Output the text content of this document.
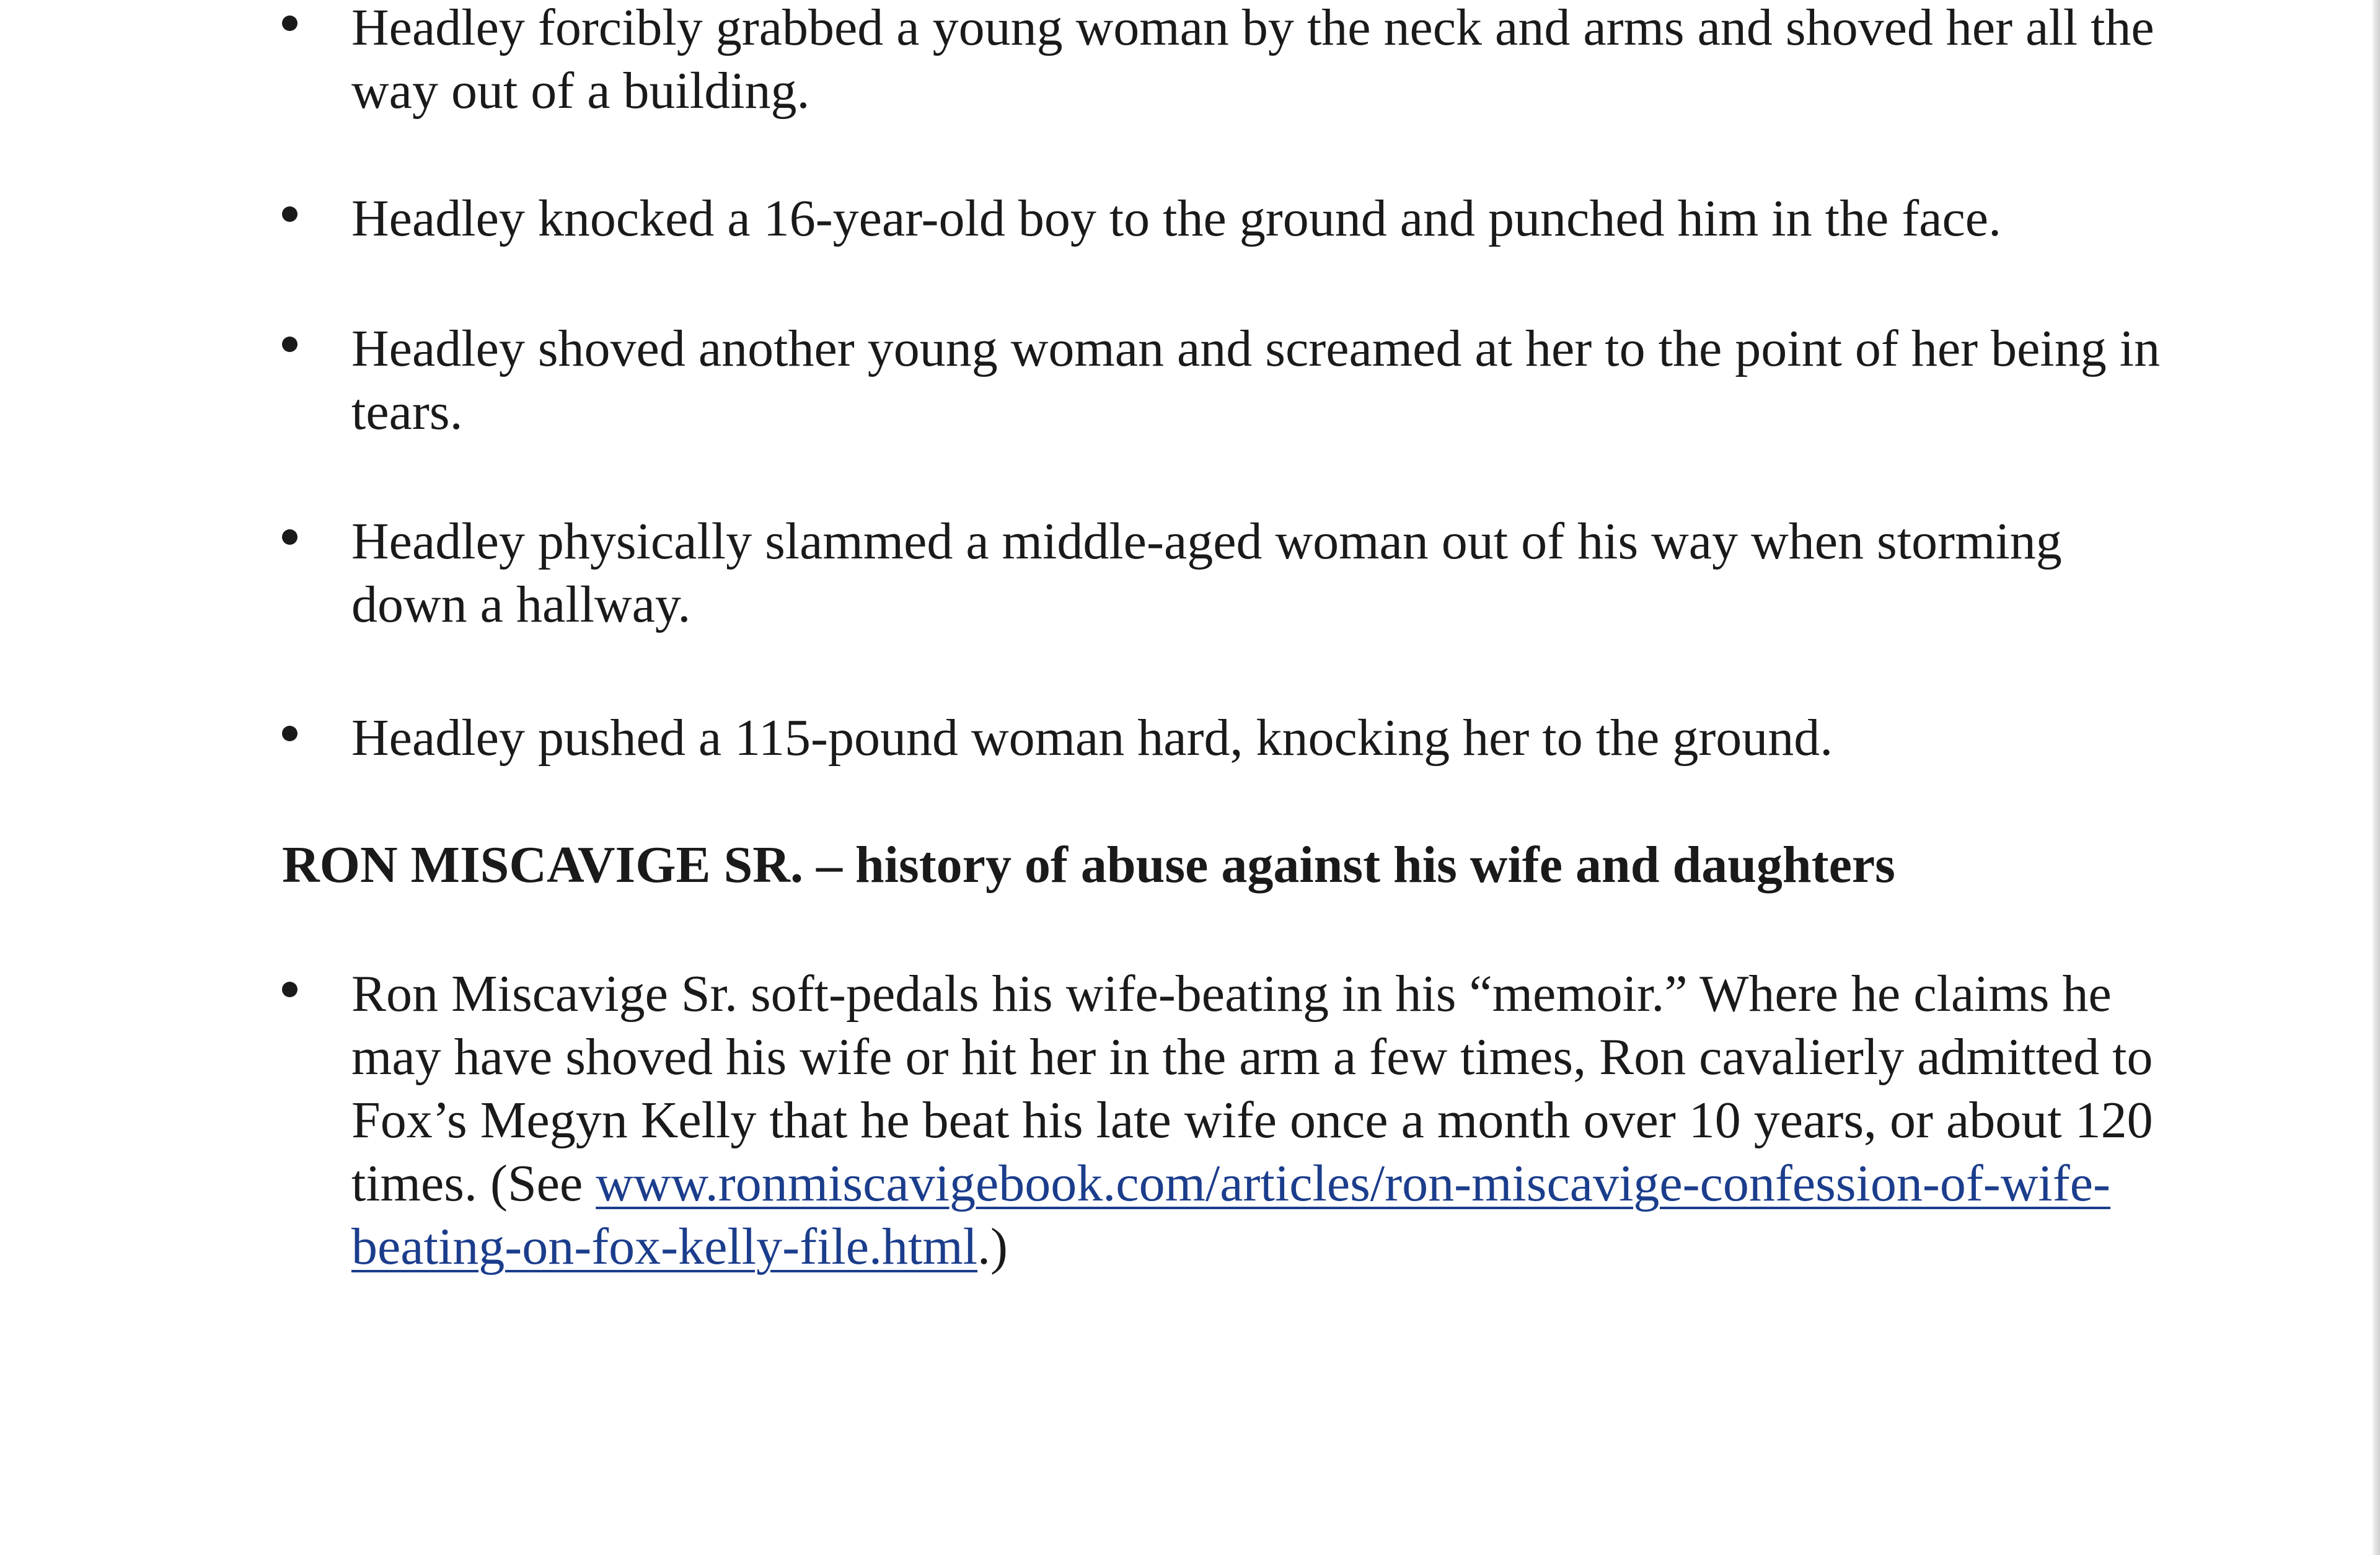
Headley forcibly grabbed a young woman by the neck and arms and shoved her all the way out of a building.
Headley knocked a 16-year-old boy to the ground and punched him in the face.
Headley shoved another young woman and screamed at her to the point of her being in tears.
Headley physically slammed a middle-aged woman out of his way when storming down a hallway.
Headley pushed a 115-pound woman hard, knocking her to the ground.

RON MISCAVIGE SR. – history of abuse against his wife and daughters

Ron Miscavige Sr. soft-pedals his wife-beating in his “memoir.” Where he claims he may have shoved his wife or hit her in the arm a few times, Ron cavalierly admitted to Fox’s Megyn Kelly that he beat his late wife once a month over 10 years, or about 120 times. (See www.ronmiscavigebook.com/articles/ron-miscavige-confession-of-wife-beating-on-fox-kelly-file.html.)
